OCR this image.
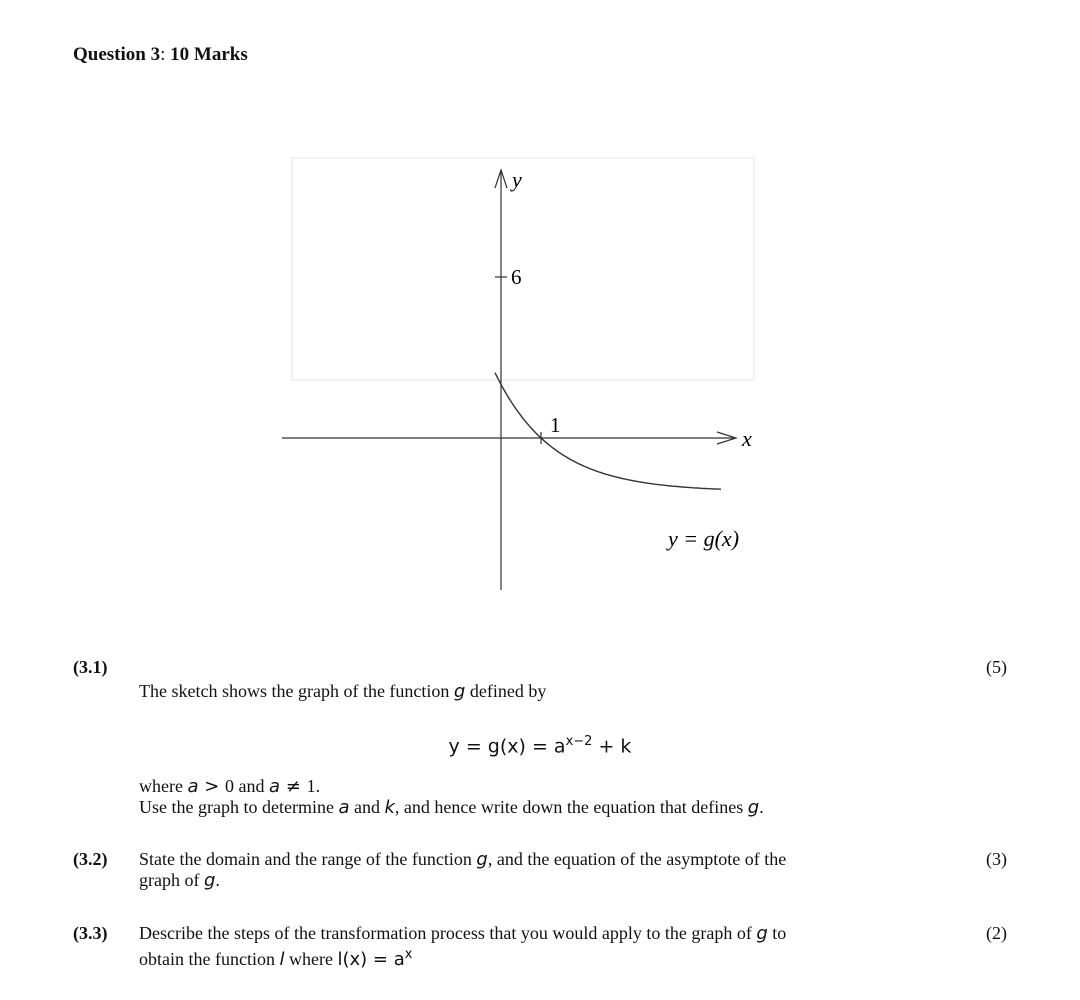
Question 3: 10 Marks
y
x
6
1
y = g(x)
(3.1)	(5)
The sketch shows the graph of the function g defined by
$y = g(x) = a^{x-2} + k$
where a > 0 and a ≠ 1.
Use the graph to determine a and k, and hence write down the equation that defines g.
(3.2)	(3)
State the domain and the range of the function g, and the equation of the asymptote of the
graph of g.
(3.3)	(2)
Describe the steps of the transformation process that you would apply to the graph of g to
obtain the function l where $l(x) = a^x$
